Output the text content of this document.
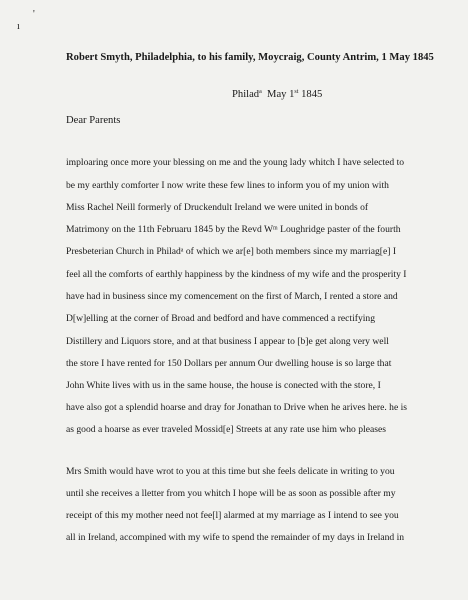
'
ı
Robert Smyth, Philadelphia, to his family, Moycraig, County Antrim, 1 May 1845
Philad$^a$ May 1st 1845
Dear Parents
imploaring once more your blessing on me and the young lady whitch I have selected to
be my earthly comforter I now write these few lines to inform you of my union with
Miss Rachel Neill formerly of Druckendult Ireland we were united in bonds of
Matrimony on the 11th Februaru 1845 by the Revd Wᵐ Loughridge paster of the fourth
Presbeterian Church in Philadᵃ of which we ar[e] both members since my marriag[e] I
feel all the comforts of earthly happiness by the kindness of my wife and the prosperity I
have had in business since my comencement on the first of March, I rented a store and
D[w]elling at the corner of Broad and bedford and have commenced a rectifying
Distillery and Liquors store, and at that business I appear to [b]e get along very well
the store I have rented for 150 Dollars per annum Our dwelling house is so large that
John White lives with us in the same house, the house is conected with the store, I
have also got a splendid hoarse and dray for Jonathan to Drive when he arives here. he is
as good a hoarse as ever traveled Mossid[e] Streets at any rate use him who pleases
Mrs Smith would have wrot to you at this time but she feels delicate in writing to you
until she receives a lletter from you whitch I hope will be as soon as possible after my
receipt of this my mother need not fee[l] alarmed at my marriage as I intend to see you
all in Ireland, accompined with my wife to spend the remainder of my days in Ireland in
